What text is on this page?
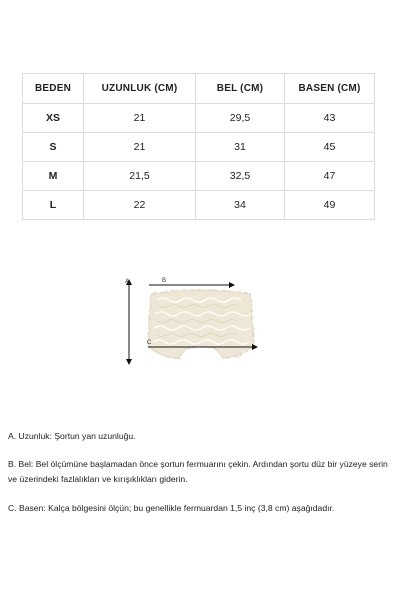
BEDEN	UZUNLUK (CM)	BEL (CM)	BASEN (CM)
XS	21	29,5	43
S	21	31	45
M	21,5	32,5	47
L	22	34	49
A	B
C

A. Uzunluk: Şortun yan uzunluğu.

B. Bel: Bel ölçümüne başlamadan önce şortun fermuarını çekin. Ardından şortu düz bir yüzeye serin ve üzerindeki fazlalıkları ve kırışıklıkları giderin.

C. Basen: Kalça bölgesini ölçün; bu genellikle fermuardan 1,5 inç (3,8 cm) aşağıdadır.
